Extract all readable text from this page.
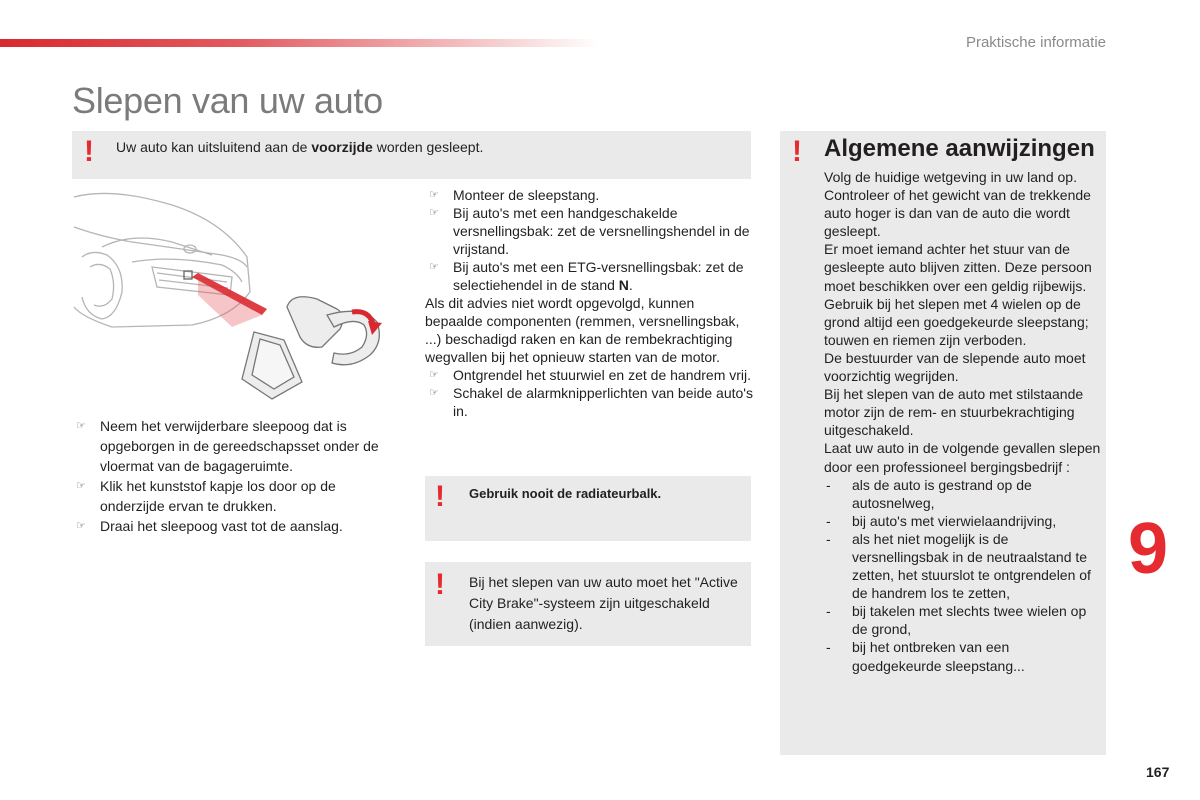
Praktische informatie
Slepen van uw auto
! Uw auto kan uitsluitend aan de voorzijde worden gesleept.

☞ Neem het verwijderbare sleepoog dat is opgeborgen in de gereedschapsset onder de vloermat van de bagageruimte.

☞ Klik het kunststof kapje los door op de onderzijde ervan te drukken.

☞ Draai het sleepoog vast tot de aanslag.

☞ Monteer de sleepstang.

☞ Bij auto's met een handgeschakelde versnellingsbak: zet de versnellingshendel in de vrijstand.

☞ Bij auto's met een ETG-versnellingsbak: zet de selectiehendel in de stand N.

Als dit advies niet wordt opgevolgd, kunnen bepaalde componenten (remmen, versnellingsbak, ...) beschadigd raken en kan de rembekrachtiging wegvallen bij het opnieuw starten van de motor.

☞ Ontgrendel het stuurwiel en zet de handrem vrij.

☞ Schakel de alarmknipperlichten van beide auto's in.

! Gebruik nooit de radiateurbalk.
! Bij het slepen van uw auto moet het "Active City Brake"-systeem zijn uitgeschakeld (indien aanwezig).
! Algemene aanwijzingen

Volg de huidige wetgeving in uw land op.

Controleer of het gewicht van de trekkende auto hoger is dan van de auto die wordt gesleept.

Er moet iemand achter het stuur van de gesleepte auto blijven zitten. Deze persoon moet beschikken over een geldig rijbewijs.

Gebruik bij het slepen met 4 wielen op de grond altijd een goedgekeurde sleepstang; touwen en riemen zijn verboden.

De bestuurder van de slepende auto moet voorzichtig wegrijden.

Bij het slepen van de auto met stilstaande motor zijn de rem- en stuurbekrachtiging uitgeschakeld.

Laat uw auto in de volgende gevallen slepen door een professioneel bergingsbedrijf :

- als de auto is gestrand op de autosnelweg,

- bij auto's met vierwielaandrijving,

- als het niet mogelijk is de versnellingsbak in de neutraalstand te zetten, het stuurslot te ontgrendelen of de handrem los te zetten,

- bij takelen met slechts twee wielen op de grond,

- bij het ontbreken van een goedgekeurde sleepstang...

9
167
